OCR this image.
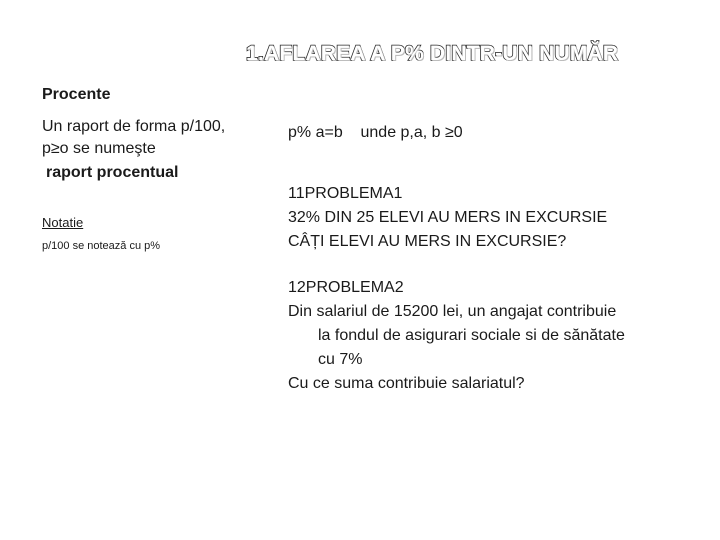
1.AFLAREA A P% DINTR-UN NUMĂR
Procente
Un raport de forma p/100,
p≥o se numeşte
raport procentual
Notatie
p/100 se notează cu p%
p% a=b    unde p,a, b ≥0
11PROBLEMA1
32% DIN 25 ELEVI AU MERS IN EXCURSIE
CÂȚI ELEVI AU MERS IN EXCURSIE?
12PROBLEMA2
Din salariul de 15200 lei, un angajat contribuie
la fondul de asigurari sociale si de sănătate
cu 7%
Cu ce suma contribuie salariatul?
